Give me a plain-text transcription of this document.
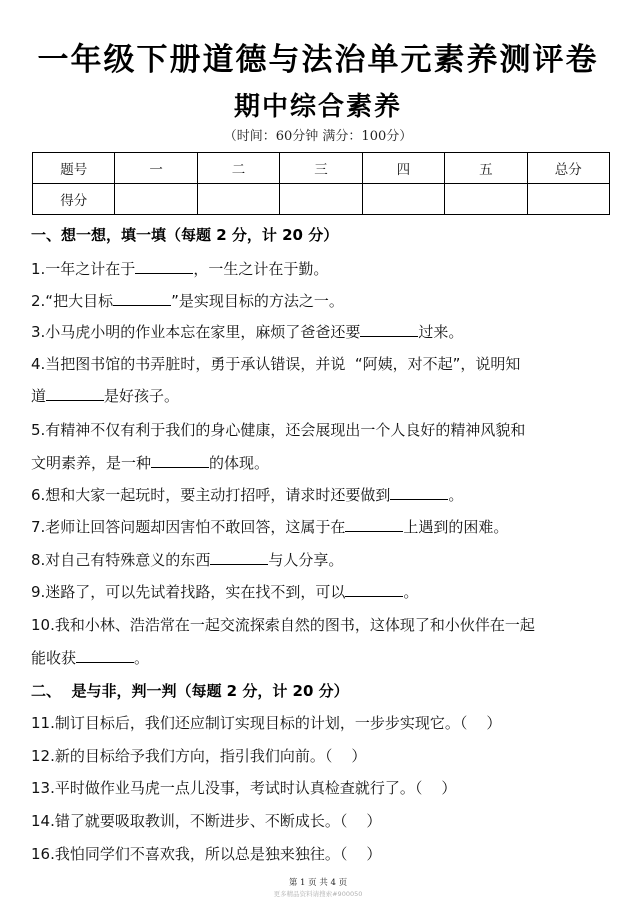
一年级下册道德与法治单元素养测评卷
期中综合素养
（时间：60分钟 满分：100分）
题号	一	二	三	四	五	总分
得分						
一、想一想，填一填（每题 2 分，计 20 分）
1.一年之计在于	，一生之计在于勤。
2.“把大目标	”是实现目标的方法之一。
3.小马虎小明的作业本忘在家里，麻烦了爸爸还要	过来。
4.当把图书馆的书弄脏时，勇于承认错误，并说  “阿姨，对不起”，说明知
道	是好孩子。
5.有精神不仅有利于我们的身心健康，还会展现出一个人良好的精神风貌和
文明素养，是一种	的体现。
6.想和大家一起玩时，要主动打招呼，请求时还要做到	。
7.老师让回答问题却因害怕不敢回答，这属于在	上遇到的困难。
8.对自己有特殊意义的东西	与人分享。
9.迷路了，可以先试着找路，实在找不到，可以	。
10.我和小林、浩浩常在一起交流探索自然的图书，这体现了和小伙伴在一起
能收获	。
二、  是与非，判一判（每题 2 分，计 20 分）
11.制订目标后，我们还应制订实现目标的计划，一步步实现它。（    ）
12.新的目标给予我们方向，指引我们向前。（    ）
13.平时做作业马虎一点儿没事，考试时认真检查就行了。（    ）
14.错了就要吸取教训，不断进步、不断成长。（    ）
16.我怕同学们不喜欢我，所以总是独来独往。（    ）
第 1 页 共 4 页
更多精品资料请搜索#900050
